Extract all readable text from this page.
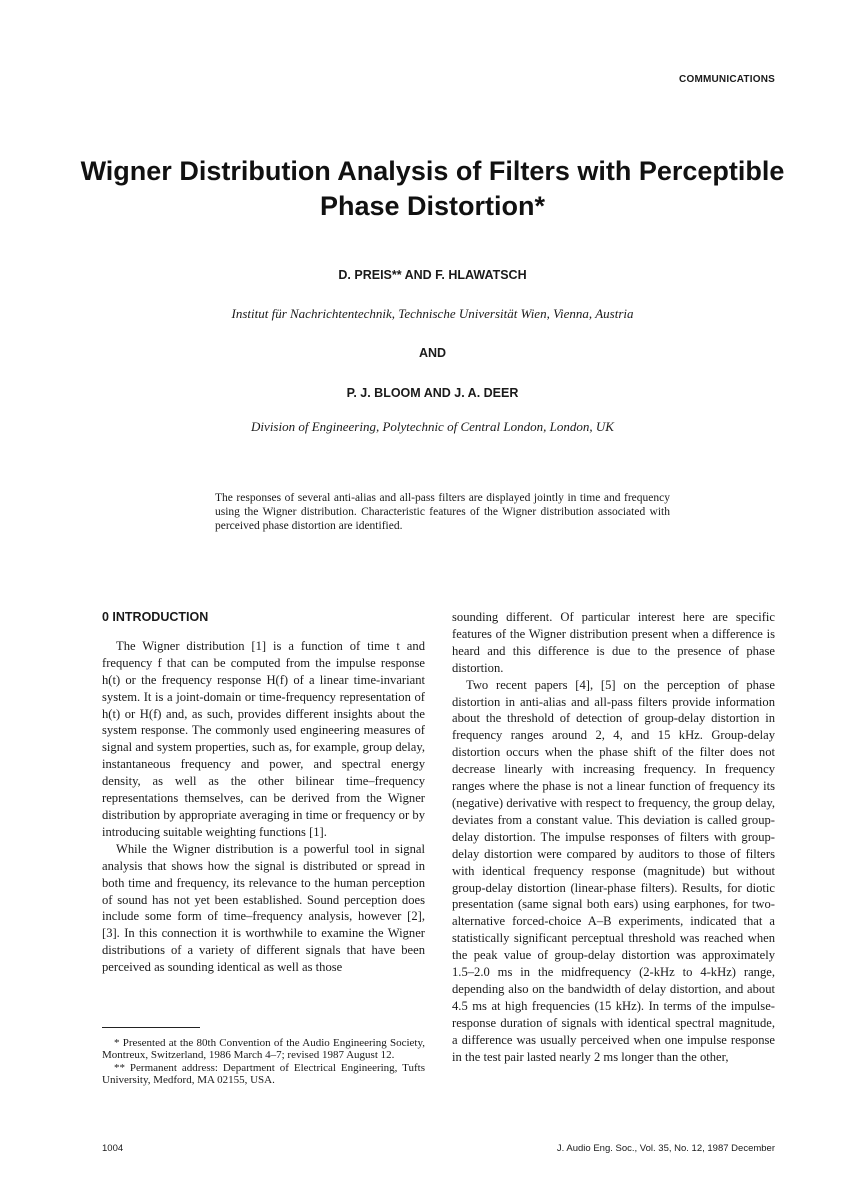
COMMUNICATIONS
Wigner Distribution Analysis of Filters with Perceptible
Phase Distortion*
D. PREIS** AND F. HLAWATSCH
Institut für Nachrichtentechnik, Technische Universität Wien, Vienna, Austria
AND
P. J. BLOOM AND J. A. DEER
Division of Engineering, Polytechnic of Central London, London, UK
The responses of several anti-alias and all-pass filters are displayed jointly in time and frequency using the Wigner distribution. Characteristic features of the Wigner distribution associated with perceived phase distortion are identified.
0 INTRODUCTION

The Wigner distribution [1] is a function of time t and frequency f that can be computed from the impulse response h(t) or the frequency response H(f) of a linear time-invariant system. It is a joint-domain or time-frequency representation of h(t) or H(f) and, as such, provides different insights about the system response. The commonly used engineering measures of signal and system properties, such as, for example, group delay, instantaneous frequency and power, and spectral energy density, as well as the other bilinear time–frequency representations themselves, can be derived from the Wigner distribution by appropriate averaging in time or frequency or by introducing suitable weighting functions [1].

While the Wigner distribution is a powerful tool in signal analysis that shows how the signal is distributed or spread in both time and frequency, its relevance to the human perception of sound has not yet been established. Sound perception does include some form of time–frequency analysis, however [2], [3]. In this connection it is worthwhile to examine the Wigner distributions of a variety of different signals that have been perceived as sounding identical as well as those

sounding different. Of particular interest here are specific features of the Wigner distribution present when a difference is heard and this difference is due to the presence of phase distortion.

Two recent papers [4], [5] on the perception of phase distortion in anti-alias and all-pass filters provide information about the threshold of detection of group-delay distortion in frequency ranges around 2, 4, and 15 kHz. Group-delay distortion occurs when the phase shift of the filter does not decrease linearly with increasing frequency. In frequency ranges where the phase is not a linear function of frequency its (negative) derivative with respect to frequency, the group delay, deviates from a constant value. This deviation is called group-delay distortion. The impulse responses of filters with group-delay distortion were compared by auditors to those of filters with identical frequency response (magnitude) but without group-delay distortion (linear-phase filters). Results, for diotic presentation (same signal both ears) using earphones, for two-alternative forced-choice A–B experiments, indicated that a statistically significant perceptual threshold was reached when the peak value of group-delay distortion was approximately 1.5–2.0 ms in the midfrequency (2-kHz to 4-kHz) range, depending also on the bandwidth of delay distortion, and about 4.5 ms at high frequencies (15 kHz). In terms of the impulse-response duration of signals with identical spectral magnitude, a difference was usually perceived when one impulse response in the test pair lasted nearly 2 ms longer than the other,

* Presented at the 80th Convention of the Audio Engineering Society, Montreux, Switzerland, 1986 March 4–7; revised 1987 August 12.

** Permanent address: Department of Electrical Engineering, Tufts University, Medford, MA 02155, USA.

1004	J. Audio Eng. Soc., Vol. 35, No. 12, 1987 December
